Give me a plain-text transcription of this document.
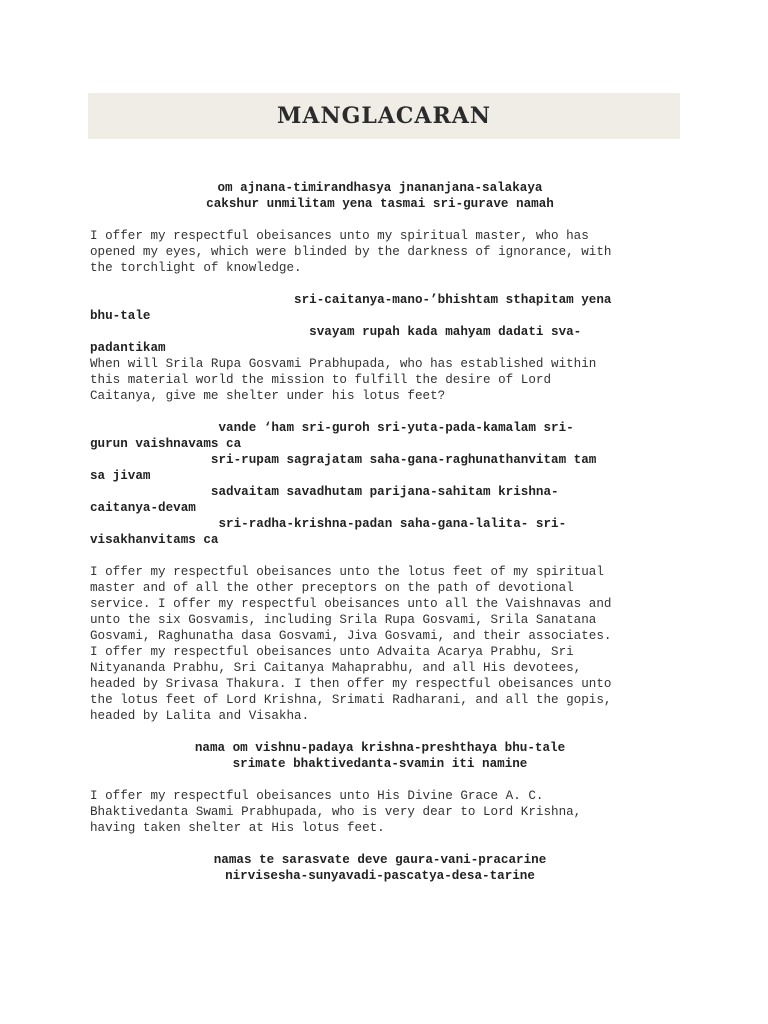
MANGLACARAN
om ajnana-timirandhasya jnananjana-salakaya
cakshur unmilitam yena tasmai sri-gurave namah
I offer my respectful obeisances unto my spiritual master, who has
opened my eyes, which were blinded by the darkness of ignorance, with
the torchlight of knowledge.
sri-caitanya-mano-’bhishtam sthapitam yena
bhu-tale
svayam rupah kada mahyam dadati sva-
padantikam
When will Srila Rupa Gosvami Prabhupada, who has established within
this material world the mission to fulfill the desire of Lord
Caitanya, give me shelter under his lotus feet?
vande ‘ham sri-guroh sri-yuta-pada-kamalam sri-
gurun vaishnavams ca
sri-rupam sagrajatam saha-gana-raghunathanvitam tam
sa jivam
sadvaitam savadhutam parijana-sahitam krishna-
caitanya-devam
sri-radha-krishna-padan saha-gana-lalita- sri-
visakhanvitams ca
I offer my respectful obeisances unto the lotus feet of my spiritual
master and of all the other preceptors on the path of devotional
service. I offer my respectful obeisances unto all the Vaishnavas and
unto the six Gosvamis, including Srila Rupa Gosvami, Srila Sanatana
Gosvami, Raghunatha dasa Gosvami, Jiva Gosvami, and their associates.
I offer my respectful obeisances unto Advaita Acarya Prabhu, Sri
Nityananda Prabhu, Sri Caitanya Mahaprabhu, and all His devotees,
headed by Srivasa Thakura. I then offer my respectful obeisances unto
the lotus feet of Lord Krishna, Srimati Radharani, and all the gopis,
headed by Lalita and Visakha.
nama om vishnu-padaya krishna-preshthaya bhu-tale
srimate bhaktivedanta-svamin iti namine
I offer my respectful obeisances unto His Divine Grace A. C.
Bhaktivedanta Swami Prabhupada, who is very dear to Lord Krishna,
having taken shelter at His lotus feet.
namas te sarasvate deve gaura-vani-pracarine
nirvisesha-sunyavadi-pascatya-desa-tarine
